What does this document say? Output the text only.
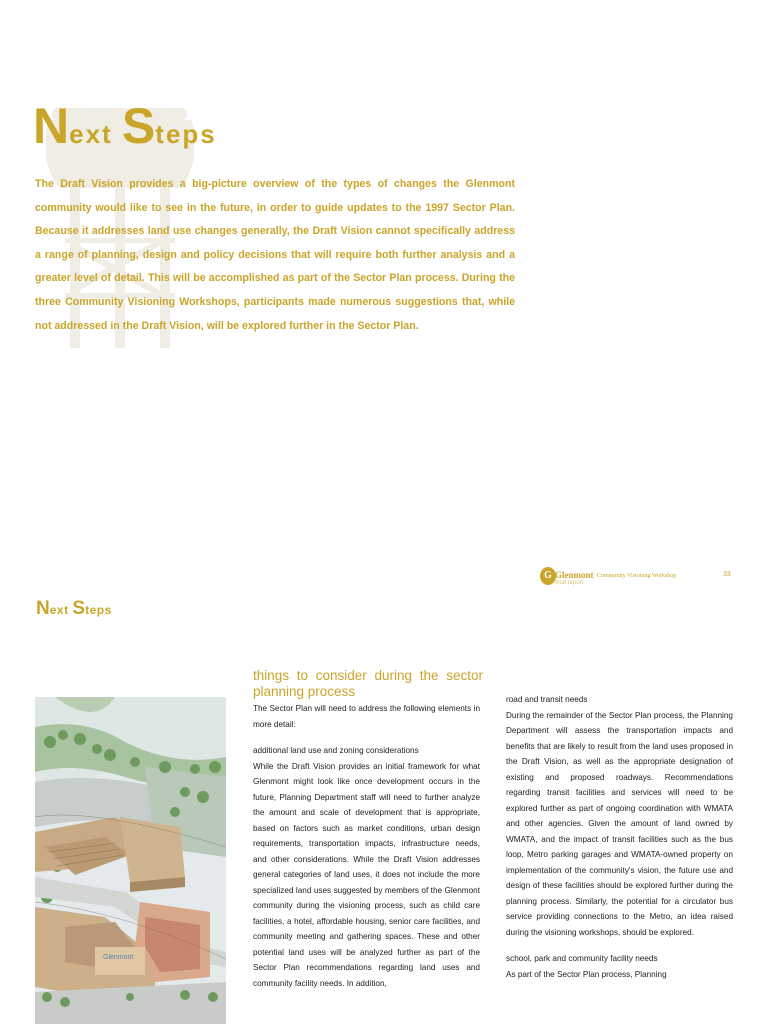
Next Steps

The Draft Vision provides a big-picture overview of the types of changes the Glenmont community would like to see in the future, in order to guide updates to the 1997 Sector Plan. Because it addresses land use changes generally, the Draft Vision cannot specifically address a range of planning, design and policy decisions that will require both further analysis and a greater level of detail. This will be accomplished as part of the Sector Plan process. During the three Community Visioning Workshops, participants made numerous suggestions that, while not addressed in the Draft Vision, will be explored further in the Sector Plan.

G Glenmont Community Visioning Workshop
final report
33
Next Steps
Glenmont
things to consider during the sector planning process

The Sector Plan will need to address the following elements in more detail:

additional land use and zoning considerations

While the Draft Vision provides an initial framework for what Glenmont might look like once development occurs in the future, Planning Department staff will need to further analyze the amount and scale of development that is appropriate, based on factors such as market conditions, urban design requirements, transportation impacts, infrastructure needs, and other considerations. While the Draft Vision addresses general categories of land uses, it does not include the more specialized land uses suggested by members of the Glenmont community during the visioning process, such as child care facilities, a hotel, affordable housing, senior care facilities, and community meeting and gathering spaces. These and other potential land uses will be analyzed further as part of the Sector Plan recommendations regarding land uses and community facility needs. In addition,

road and transit needs

During the remainder of the Sector Plan process, the Planning Department will assess the transportation impacts and benefits that are likely to result from the land uses proposed in the Draft Vision, as well as the appropriate designation of existing and proposed roadways. Recommendations regarding transit facilities and services will need to be explored further as part of ongoing coordination with WMATA and other agencies. Given the amount of land owned by WMATA, and the impact of transit facilities such as the bus loop, Metro parking garages and WMATA-owned property on implementation of the community's vision, the future use and design of these facilities should be explored further during the planning process. Similarly, the potential for a circulator bus service providing connections to the Metro, an idea raised during the visioning workshops, should be explored.

school, park and community facility needs

As part of the Sector Plan process, Planning
